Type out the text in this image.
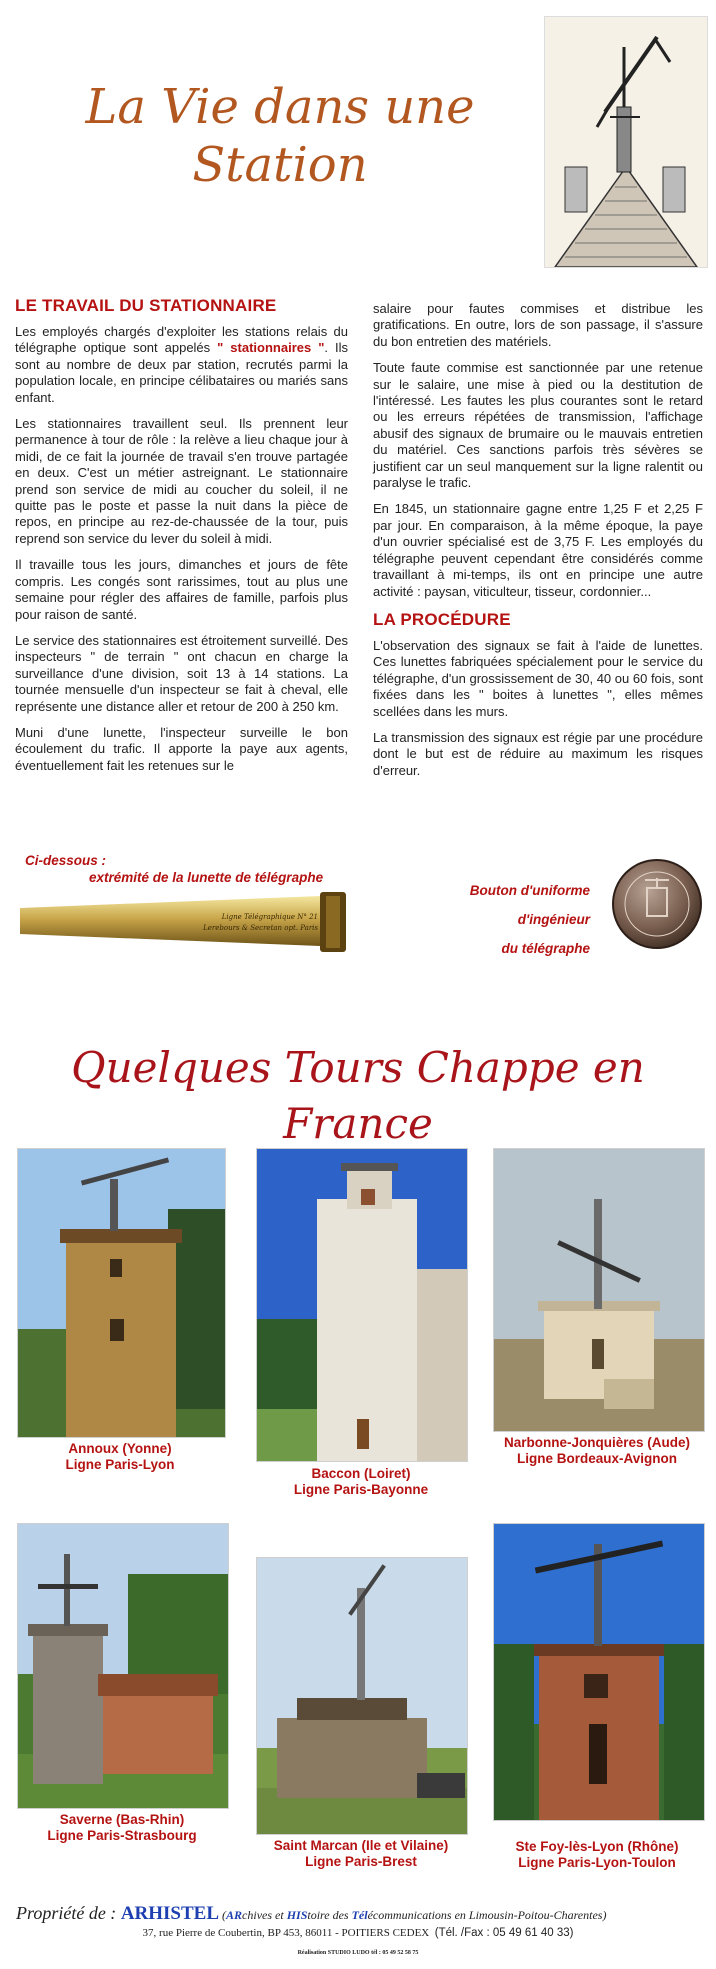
La Vie dans une
Station
LE TRAVAIL DU STATIONNAIRE

Les employés chargés d'exploiter les stations relais du télégraphe optique sont appelés " stationnaires ". Ils sont au nombre de deux par station, recrutés parmi la population locale, en principe célibataires ou mariés sans enfant.

Les stationnaires travaillent seul. Ils prennent leur permanence à tour de rôle : la relève a lieu chaque jour à midi, de ce fait la journée de travail s'en trouve partagée en deux. C'est un métier astreignant. Le stationnaire prend son service de midi au coucher du soleil, il ne quitte pas le poste et passe la nuit dans la pièce de repos, en principe au rez-de-chaussée de la tour, puis reprend son service du lever du soleil à midi.

Il travaille tous les jours, dimanches et jours de fête compris. Les congés sont rarissimes, tout au plus une semaine pour régler des affaires de famille, parfois plus pour raison de santé.

Le service des stationnaires est étroitement surveillé. Des inspecteurs " de terrain " ont chacun en charge la surveillance d'une division, soit 13 à 14 stations. La tournée mensuelle d'un inspecteur se fait à cheval, elle représente une distance aller et retour de 200 à 250 km.

Muni d'une lunette, l'inspecteur surveille le bon écoulement du trafic. Il apporte la paye aux agents, éventuellement fait les retenues sur le

salaire pour fautes commises et distribue les gratifications. En outre, lors de son passage, il s'assure du bon entretien des matériels.

Toute faute commise est sanctionnée par une retenue sur le salaire, une mise à pied ou la destitution de l'intéressé. Les fautes les plus courantes sont le retard ou les erreurs répétées de transmission, l'affichage abusif des signaux de brumaire ou le mauvais entretien du matériel. Ces sanctions parfois très sévères se justifient car un seul manquement sur la ligne ralentit ou paralyse le trafic.

En 1845, un stationnaire gagne entre 1,25 F et 2,25 F par jour. En comparaison, à la même époque, la paye d'un ouvrier spécialisé est de 3,75 F. Les employés du télégraphe peuvent cependant être considérés comme travaillant à mi-temps, ils ont en principe une autre activité : paysan, viticulteur, tisseur, cordonnier...

LA PROCÉDURE

L'observation des signaux se fait à l'aide de lunettes. Ces lunettes fabriquées spécialement pour le service du télégraphe, d'un grossissement de 30, 40 ou 60 fois, sont fixées dans les " boites à lunettes ", elles mêmes scellées dans les murs.

La transmission des signaux est régie par une procédure dont le but est de réduire au maximum les risques d'erreur.

Ci-dessous :
extrémité de la lunette de télégraphe
Ligne Télégraphique N° 21
Lerebours & Secretan opt. Paris
Bouton d'uniforme
d'ingénieur
du télégraphe
Quelques Tours Chappe en France
Annoux (Yonne)
Ligne Paris-Lyon
Baccon (Loiret)
Ligne Paris-Bayonne
Narbonne-Jonquières (Aude)
Ligne Bordeaux-Avignon
Saverne (Bas-Rhin)
Ligne Paris-Strasbourg
Saint Marcan (Ile et Vilaine)
Ligne Paris-Brest
Ste Foy-lès-Lyon (Rhône)
Ligne Paris-Lyon-Toulon
Propriété de : ARHISTEL (ARchives et HIStoire des Télécommunications en Limousin-Poitou-Charentes)
37, rue Pierre de Coubertin, BP 453, 86011 - POITIERS CEDEX (Tél. /Fax : 05 49 61 40 33)
Réalisation STUDIO LUDO tél : 05 49 52 58 75
